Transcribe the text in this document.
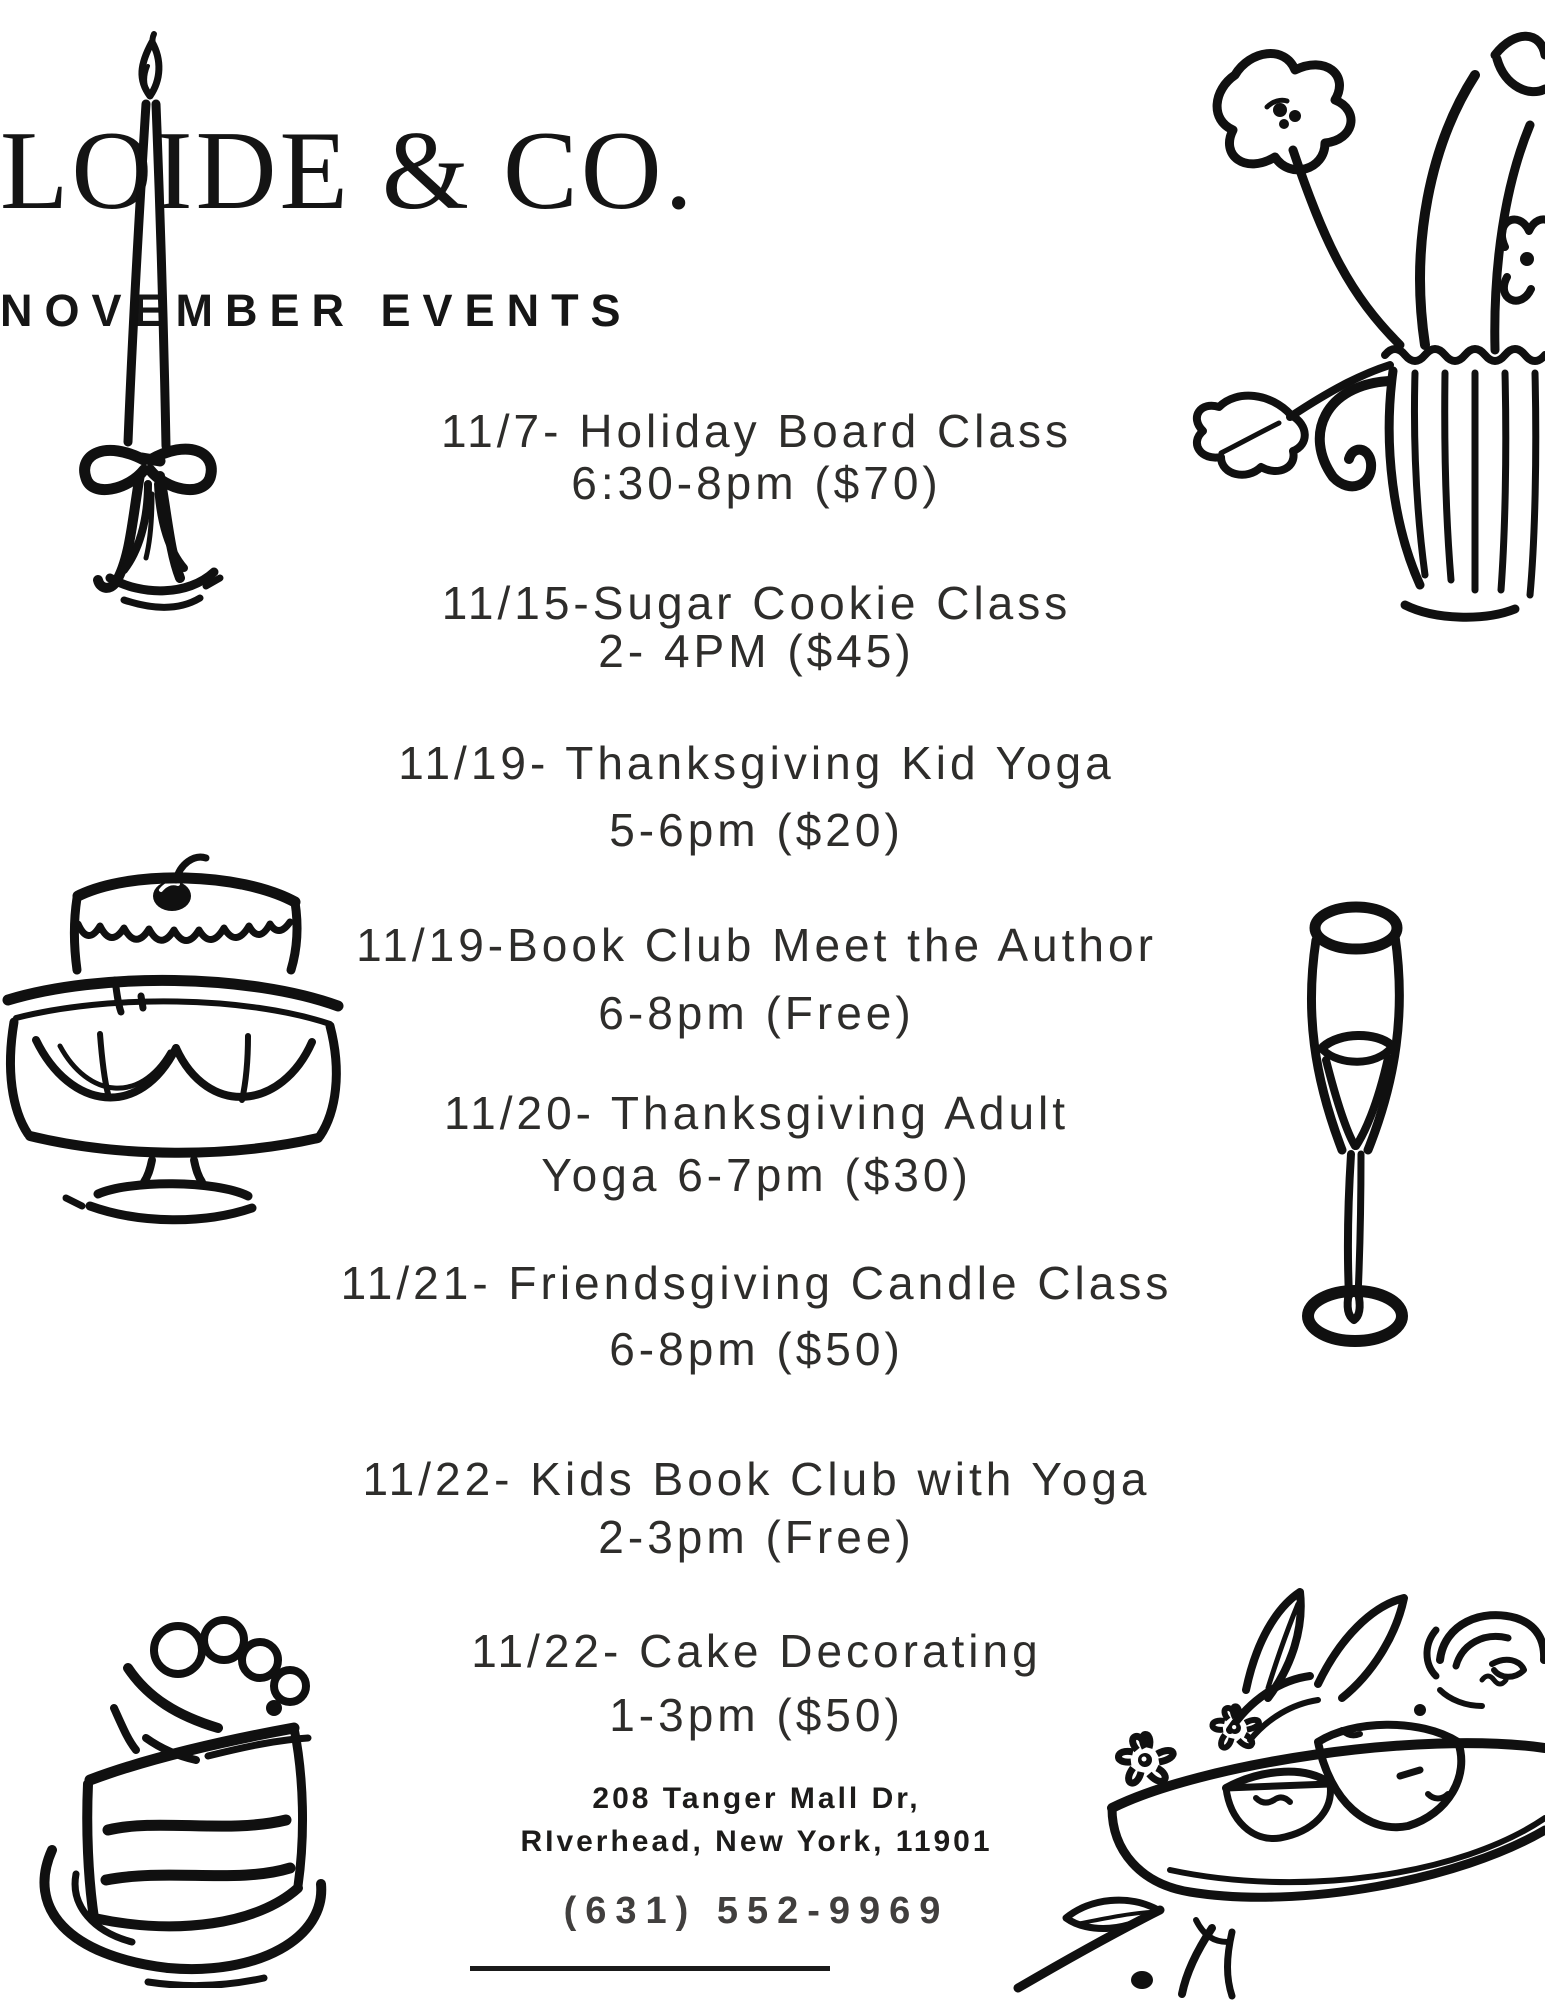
LOIDE & CO.
NOVEMBER EVENTS
11/7- Holiday Board Class
6:30-8pm ($70)
11/15-Sugar Cookie Class
2- 4PM ($45)
11/19- Thanksgiving Kid Yoga
5-6pm ($20)
11/19-Book Club Meet the Author
6-8pm (Free)
11/20- Thanksgiving Adult
Yoga 6-7pm ($30)
11/21- Friendsgiving Candle Class
6-8pm ($50)
11/22- Kids Book Club with Yoga
2-3pm (Free)
11/22- Cake Decorating
1-3pm ($50)
208 Tanger Mall Dr,
RIverhead, New York, 11901
(631) 552-9969
